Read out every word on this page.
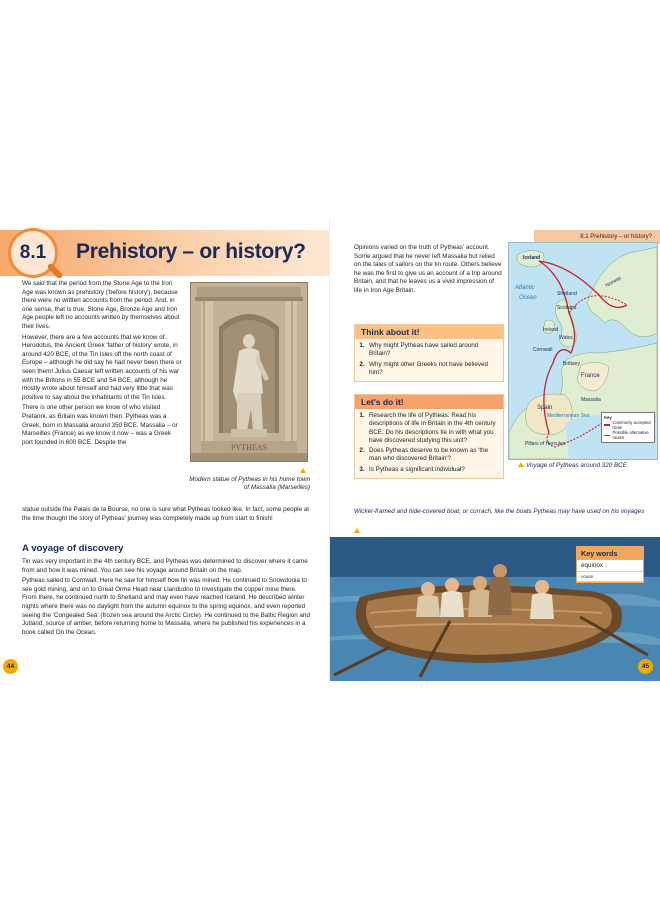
8.1 Prehistory – or history?

We said that the period from the Stone Age to the Iron Age was known as prehistory ('before history'), because there were no written accounts from the period. And, in one sense, that is true. Stone Age, Bronze Age and Iron Age people left no accounts written by themselves about their lives.

However, there are a few accounts that we know of. Herodotus, the Ancient Greek 'father of history' wrote, in around 420 BCE, of the Tin Isles off the north coast of Europe – although he did say he had never been there or seen them! Julius Caesar left written accounts of his war with the Britons in 55 BCE and 54 BCE, although he mostly wrote about himself and had very little that was positive to say about the inhabitants of the Tin Isles.

There is one other person we know of who visited Pretanni, as Britain was known then. Pytheas was a Greek, born in Massalia around 350 BCE. Massalia – or Marseilles (France) as we know it now – was a Greek port founded in 600 BCE. Despite the

PYTHEAS
Modern statue of Pytheas in his home town of Massalia (Marseilles)
statue outside the Palais de la Bourse, no one is sure what Pytheas looked like. In fact, some people at the time thought the story of Pytheas' journey was completely made up from start to finish!
A voyage of discovery

Tin was very important in the 4th century BCE, and Pytheas was determined to discover where it came from and how it was mined. You can see his voyage around Britain on the map.

Pytheas sailed to Cornwall. Here he saw for himself how tin was mined. He continued to Snowdonia to see gold mining, and on to Great Orme Head near Llandudno to investigate the copper mine there. From there, he continued north to Shetland and may even have reached Iceland. He described winter nights where there was no daylight from the autumn equinox to the spring equinox, and even reported seeing the 'Congealed Sea' (frozen sea around the Arctic Circle). He continued to the Baltic Region and Jutland, source of amber, before returning home to Massalia, where he published his experiences in a book called On the Ocean.

44
8.1 Prehistory – or history?
Opinions varied on the truth of Pytheas' account. Some argued that he never left Massalia but relied on the tales of sailors on the tin route. Others believe he was the first to give us an account of a trip around Britain, and that he leaves us a vivid impression of life in Iron Age Britain.

Think about it!

1. Why might Pytheas have sailed around Britain?
2. Why might other Greeks not have believed him?

Let's do it!

1. Research the life of Pytheas. Read his descriptions of life in Britain in the 4th century BCE. Do his descriptions tie in with what you have discovered studying this unit?
2. Does Pytheas deserve to be known as 'the man who discovered Britain'?
3. Is Pytheas a significant individual?
Iceland
Atlantic
Ocean
Shetland
Norway
Scotland
Ireland
Wales
Cornwall
Brittany
France
Spain
Massalia
Mediterranean Sea
Pillars of Hercules
Key
Commonly accepted route
Possible alternative routes
Voyage of Pytheas around 320 BCE
Wicker-framed and hide-covered boat, or currach, like the boats Pytheas may have used on his voyages
Key words
equinox
ocean
45
